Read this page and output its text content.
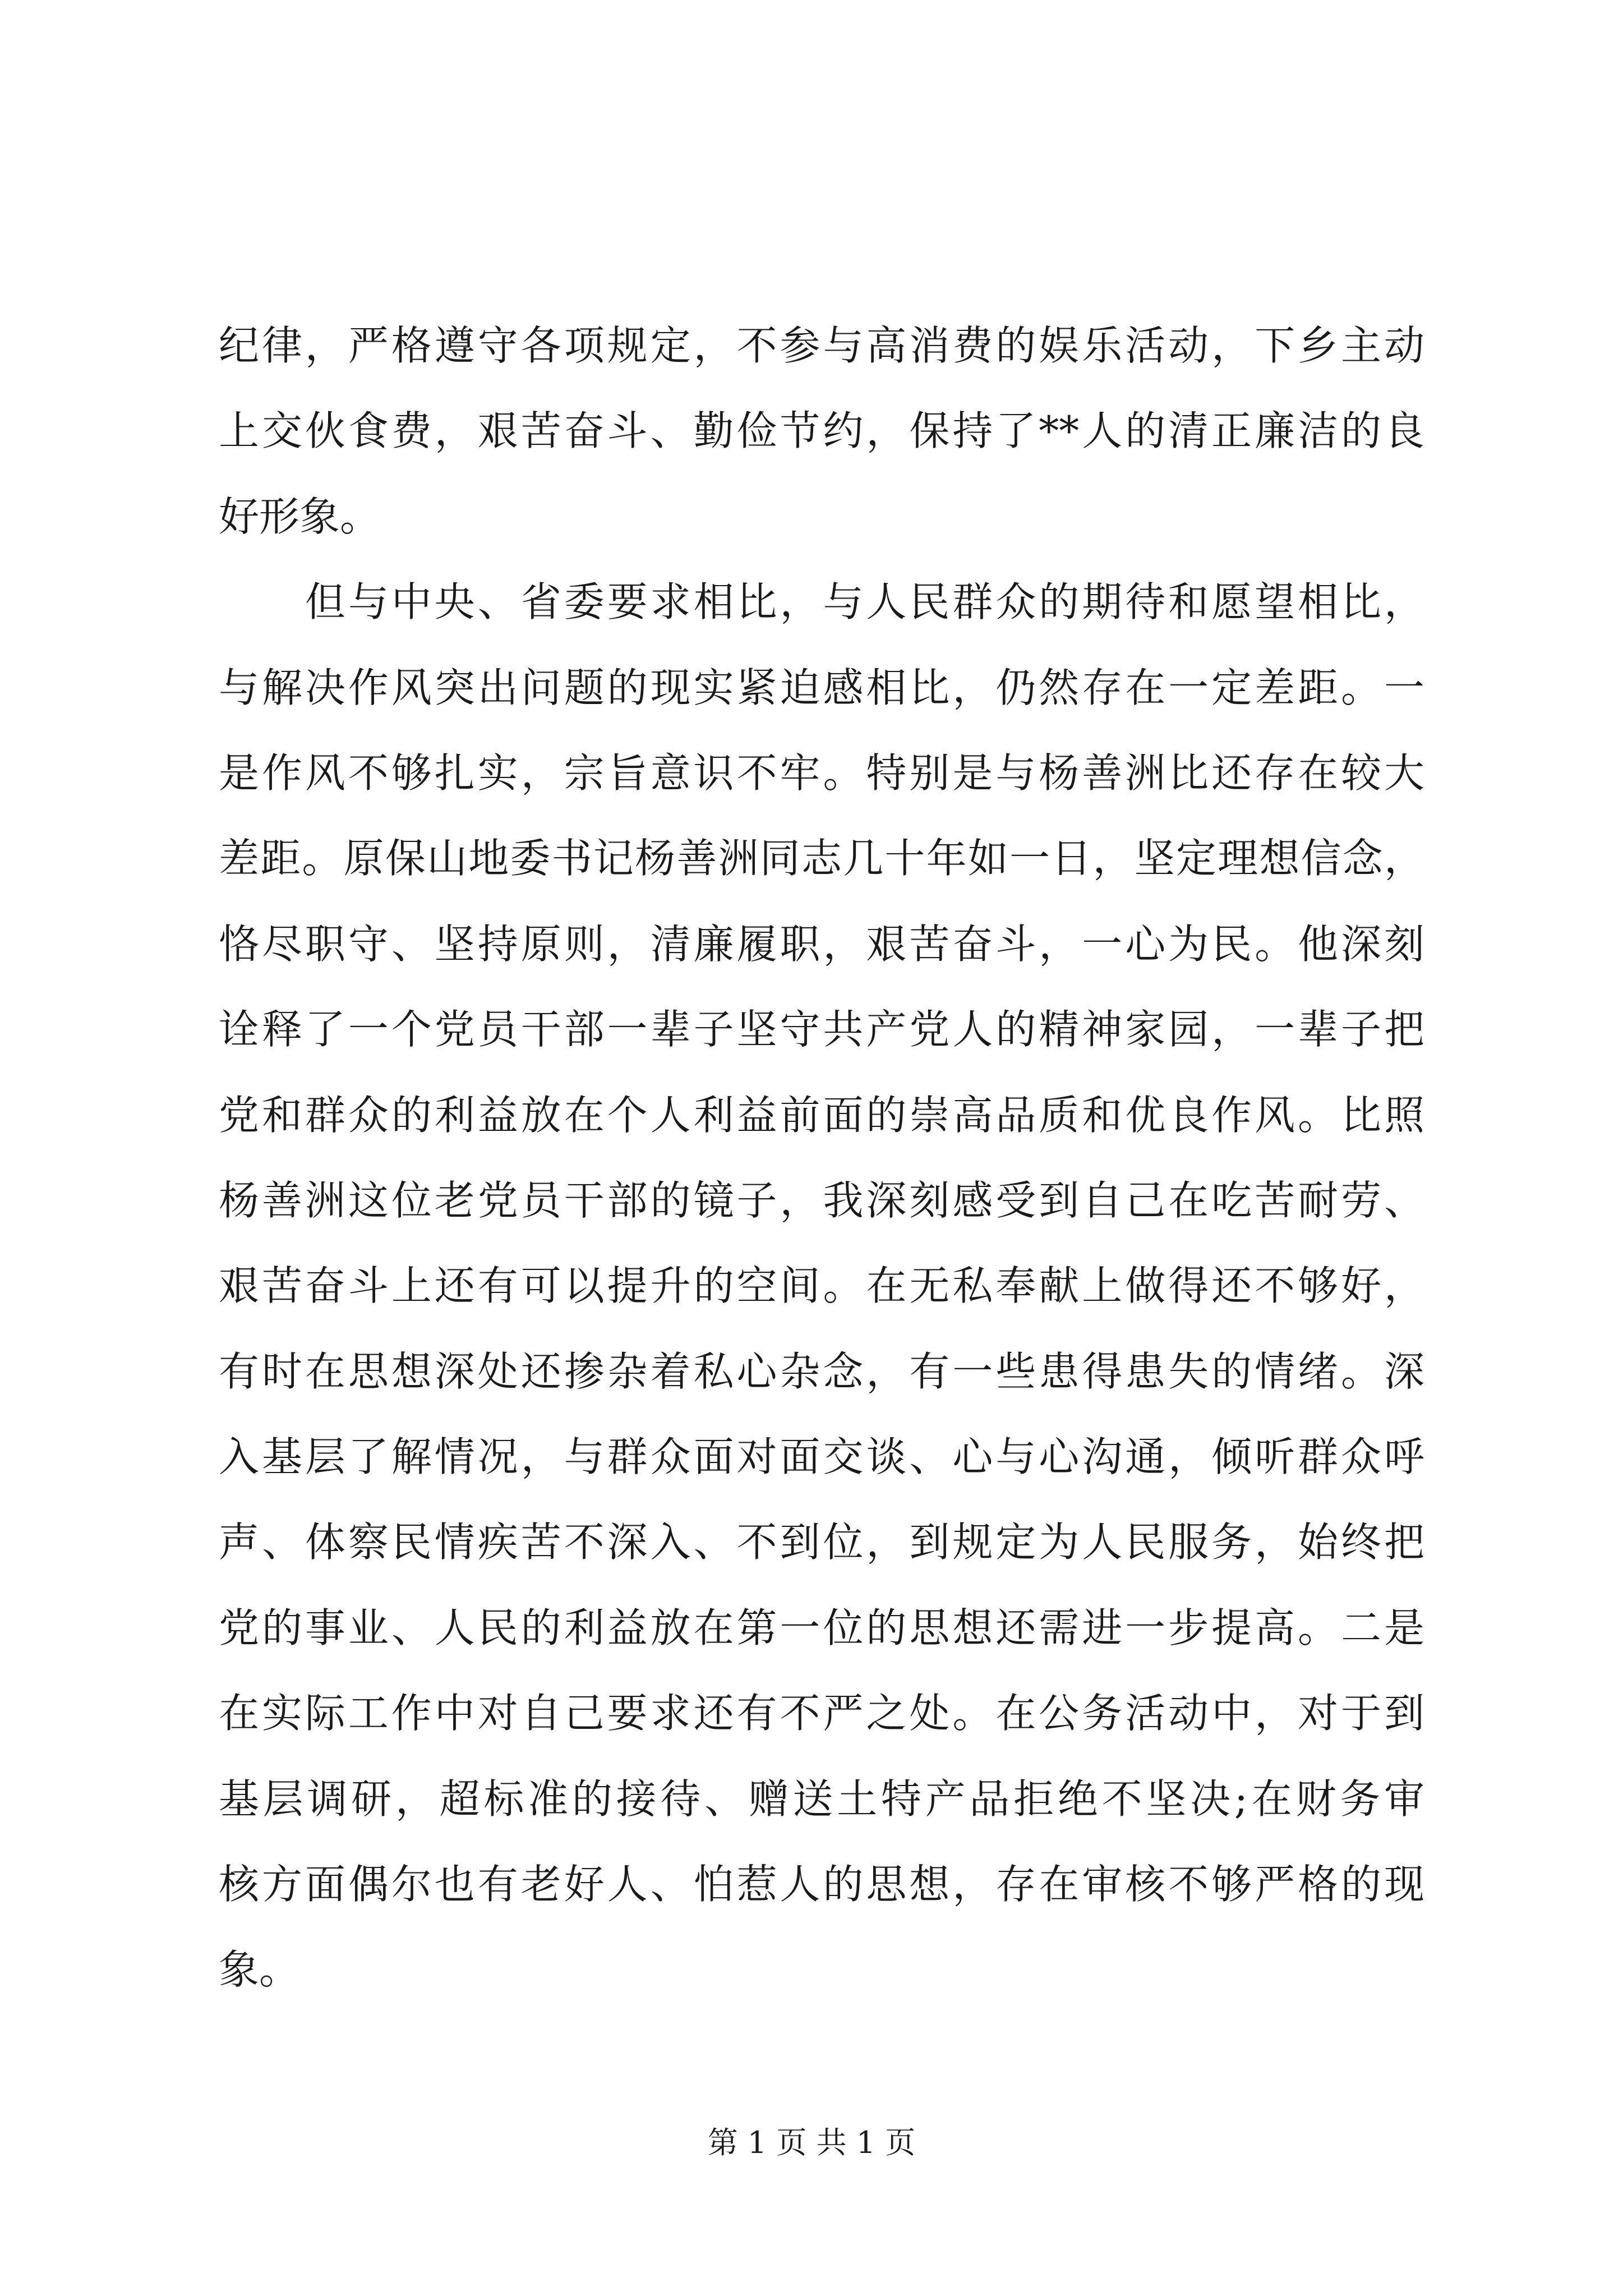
纪律，严格遵守各项规定，不参与高消费的娱乐活动，下乡主动
上交伙食费，艰苦奋斗、勤俭节约，保持了**人的清正廉洁的良
好形象。
　　但与中央、省委要求相比，与人民群众的期待和愿望相比，
与解决作风突出问题的现实紧迫感相比，仍然存在一定差距。一
是作风不够扎实，宗旨意识不牢。特别是与杨善洲比还存在较大
差距。原保山地委书记杨善洲同志几十年如一日，坚定理想信念，
恪尽职守、坚持原则，清廉履职，艰苦奋斗，一心为民。他深刻
诠释了一个党员干部一辈子坚守共产党人的精神家园，一辈子把
党和群众的利益放在个人利益前面的崇高品质和优良作风。比照
杨善洲这位老党员干部的镜子，我深刻感受到自己在吃苦耐劳、
艰苦奋斗上还有可以提升的空间。在无私奉献上做得还不够好，
有时在思想深处还掺杂着私心杂念，有一些患得患失的情绪。深
入基层了解情况，与群众面对面交谈、心与心沟通，倾听群众呼
声、体察民情疾苦不深入、不到位，到规定为人民服务，始终把
党的事业、人民的利益放在第一位的思想还需进一步提高。二是
在实际工作中对自己要求还有不严之处。在公务活动中，对于到
基层调研，超标准的接待、赠送土特产品拒绝不坚决;在财务审
核方面偶尔也有老好人、怕惹人的思想，存在审核不够严格的现
象。
第 1 页 共 1 页
